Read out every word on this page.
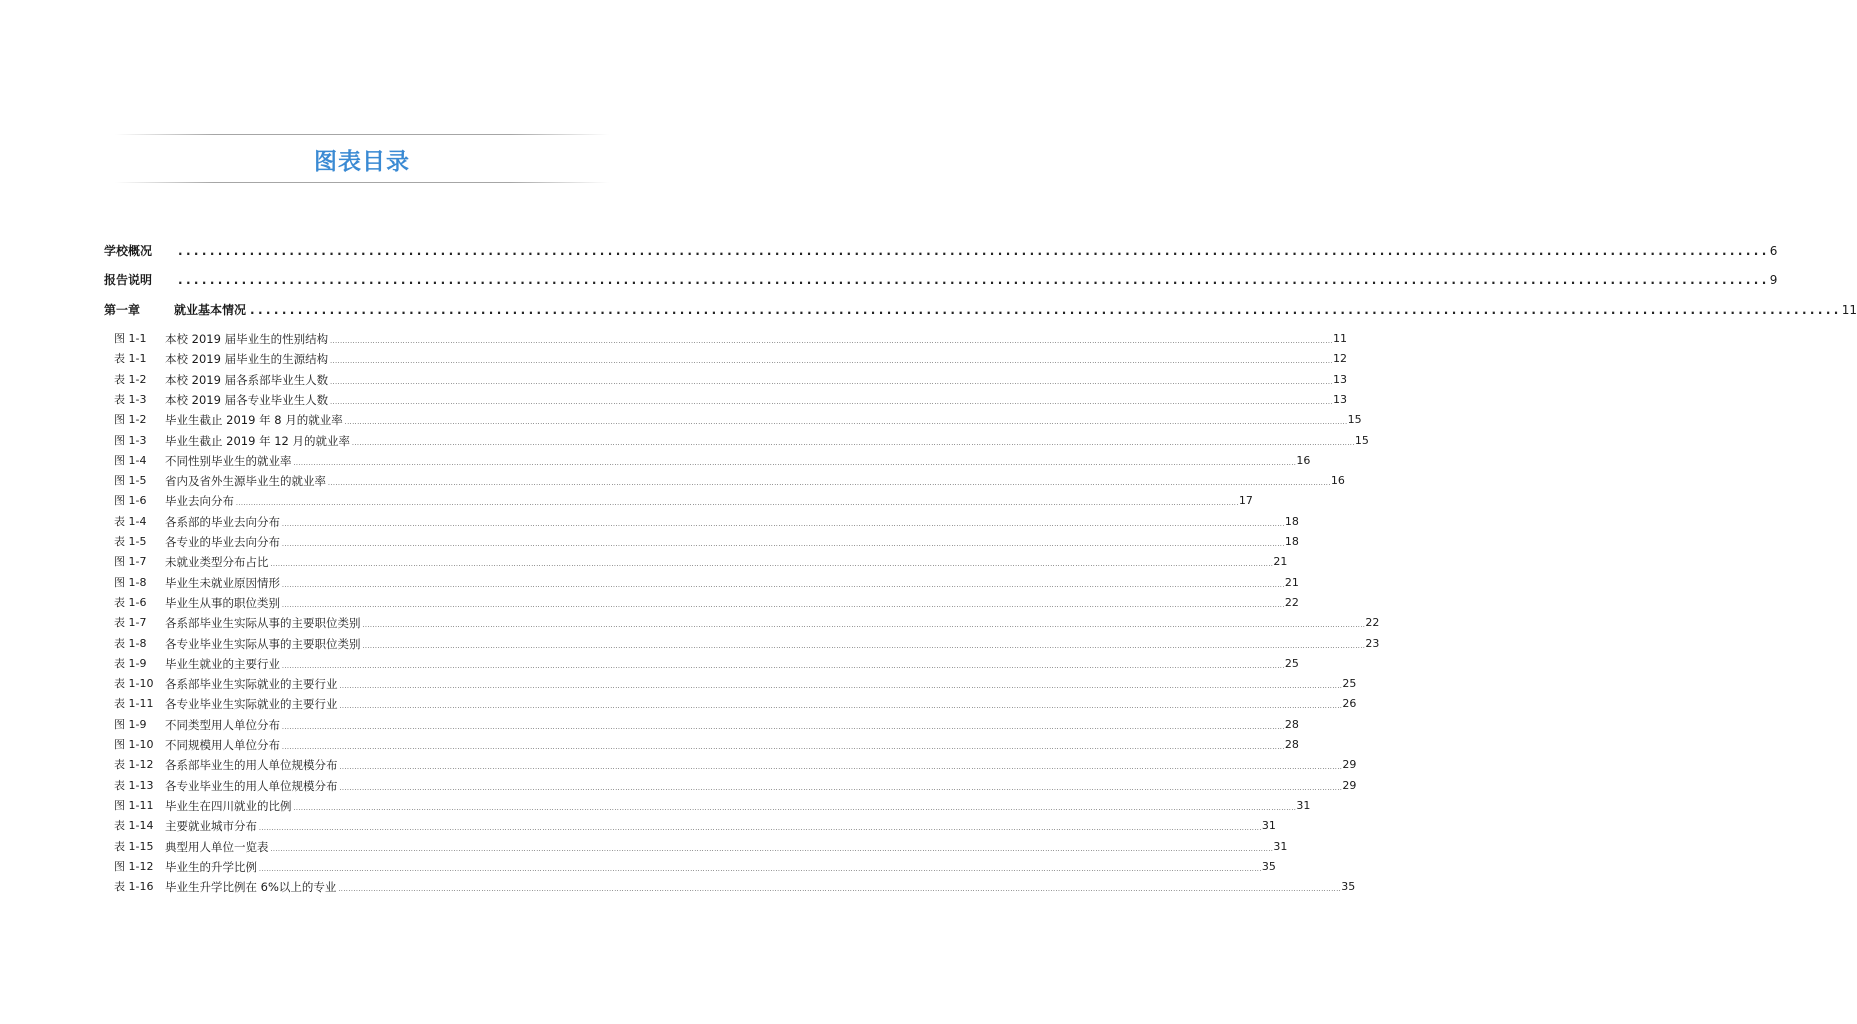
图表目录
学校概况 ........................................................................................................................................................................................................ 6
报告说明 ........................................................................................................................................................................................................ 9
第一章	就业基本情况 ........................................................................................................................................................................................................ 11
图 1-1 本校 2019 届毕业生的性别结构 ................................................................................................................................................................................................................................................................................................................................................................................................................ 11
表 1-1 本校 2019 届毕业生的生源结构 ................................................................................................................................................................................................................................................................................................................................................................................................................ 12
表 1-2 本校 2019 届各系部毕业生人数 ................................................................................................................................................................................................................................................................................................................................................................................................................ 13
表 1-3 本校 2019 届各专业毕业生人数 ................................................................................................................................................................................................................................................................................................................................................................................................................ 13
图 1-2 毕业生截止 2019 年 8 月的就业率 ................................................................................................................................................................................................................................................................................................................................................................................................................ 15
图 1-3 毕业生截止 2019 年 12 月的就业率 ................................................................................................................................................................................................................................................................................................................................................................................................................ 15
图 1-4 不同性别毕业生的就业率 ................................................................................................................................................................................................................................................................................................................................................................................................................ 16
图 1-5 省内及省外生源毕业生的就业率 ................................................................................................................................................................................................................................................................................................................................................................................................................ 16
图 1-6 毕业去向分布 ................................................................................................................................................................................................................................................................................................................................................................................................................ 17
表 1-4 各系部的毕业去向分布 ................................................................................................................................................................................................................................................................................................................................................................................................................ 18
表 1-5 各专业的毕业去向分布 ................................................................................................................................................................................................................................................................................................................................................................................................................ 18
图 1-7 未就业类型分布占比 ................................................................................................................................................................................................................................................................................................................................................................................................................ 21
图 1-8 毕业生未就业原因情形 ................................................................................................................................................................................................................................................................................................................................................................................................................ 21
表 1-6 毕业生从事的职位类别 ................................................................................................................................................................................................................................................................................................................................................................................................................ 22
表 1-7 各系部毕业生实际从事的主要职位类别 ................................................................................................................................................................................................................................................................................................................................................................................................................ 22
表 1-8 各专业毕业生实际从事的主要职位类别 ................................................................................................................................................................................................................................................................................................................................................................................................................ 23
表 1-9 毕业生就业的主要行业 ................................................................................................................................................................................................................................................................................................................................................................................................................ 25
表 1-10 各系部毕业生实际就业的主要行业 ................................................................................................................................................................................................................................................................................................................................................................................................................ 25
表 1-11 各专业毕业生实际就业的主要行业 ................................................................................................................................................................................................................................................................................................................................................................................................................ 26
图 1-9 不同类型用人单位分布 ................................................................................................................................................................................................................................................................................................................................................................................................................ 28
图 1-10 不同规模用人单位分布 ................................................................................................................................................................................................................................................................................................................................................................................................................ 28
表 1-12 各系部毕业生的用人单位规模分布 ................................................................................................................................................................................................................................................................................................................................................................................................................ 29
表 1-13 各专业毕业生的用人单位规模分布 ................................................................................................................................................................................................................................................................................................................................................................................................................ 29
图 1-11 毕业生在四川就业的比例 ................................................................................................................................................................................................................................................................................................................................................................................................................ 31
表 1-14 主要就业城市分布 ................................................................................................................................................................................................................................................................................................................................................................................................................ 31
表 1-15 典型用人单位一览表 ................................................................................................................................................................................................................................................................................................................................................................................................................ 31
图 1-12 毕业生的升学比例 ................................................................................................................................................................................................................................................................................................................................................................................................................ 35
表 1-16 毕业生升学比例在 6%以上的专业 ................................................................................................................................................................................................................................................................................................................................................................................................................ 35
